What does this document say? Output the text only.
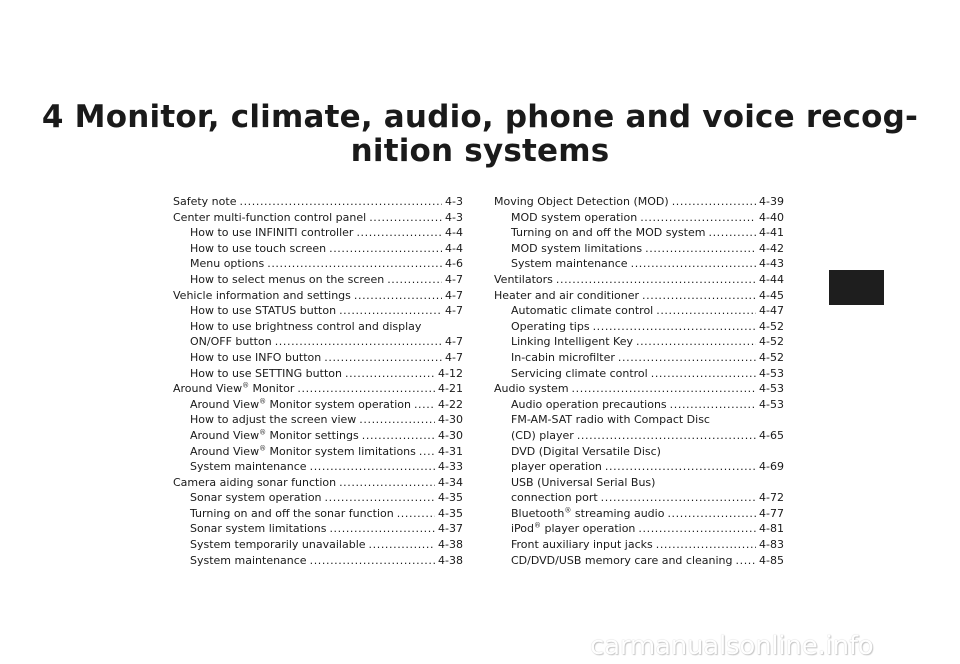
4 Monitor, climate, audio, phone and voice recog-
nition systems
Safety note .....	4-3
Center multi-function control panel .....	4-3
How to use INFINITI controller .....	4-4
How to use touch screen .....	4-4
Menu options .....	4-6
How to select menus on the screen .....	4-7
Vehicle information and settings .....	4-7
How to use STATUS button .....	4-7
How to use brightness control and display
ON/OFF button .....	4-7
How to use INFO button .....	4-7
How to use SETTING button .....	4-12
Around View® Monitor .....	4-21
Around View® Monitor system operation ..... 4-22
How to adjust the screen view .....	4-30
Around View® Monitor settings .....	4-30
Around View® Monitor system limitations ..... 4-31
System maintenance .....	4-33
Camera aiding sonar function .....	4-34
Sonar system operation .....	4-35
Turning on and off the sonar function .....	4-35
Sonar system limitations .....	4-37
System temporarily unavailable .....	4-38
System maintenance .....	4-38
Moving Object Detection (MOD) .....	4-39
MOD system operation .....	4-40
Turning on and off the MOD system .....	4-41
MOD system limitations .....	4-42
System maintenance .....	4-43
Ventilators .....	4-44
Heater and air conditioner .....	4-45
Automatic climate control .....	4-47
Operating tips .....	4-52
Linking Intelligent Key .....	4-52
In-cabin microfilter .....	4-52
Servicing climate control .....	4-53
Audio system .....	4-53
Audio operation precautions .....	4-53
FM-AM-SAT radio with Compact Disc
(CD) player .....	4-65
DVD (Digital Versatile Disc)
player operation .....	4-69
USB (Universal Serial Bus)
connection port .....	4-72
Bluetooth® streaming audio .....	4-77
iPod® player operation .....	4-81
Front auxiliary input jacks .....	4-83
CD/DVD/USB memory care and cleaning ..... 4-85
carmanualsonline.info
